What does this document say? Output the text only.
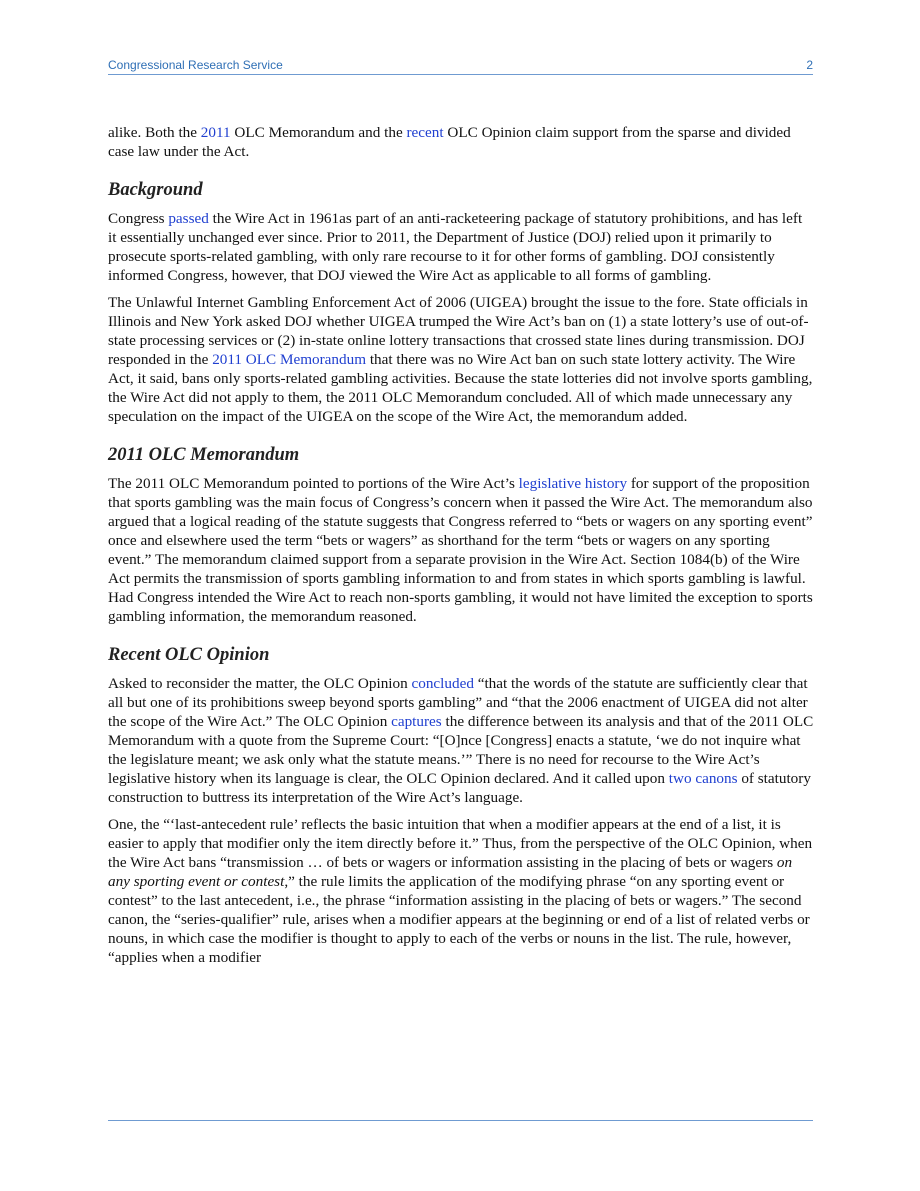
Congressional Research Service	2

alike. Both the 2011 OLC Memorandum and the recent OLC Opinion claim support from the sparse and divided case law under the Act.

Background

Congress passed the Wire Act in 1961as part of an anti-racketeering package of statutory prohibitions, and has left it essentially unchanged ever since. Prior to 2011, the Department of Justice (DOJ) relied upon it primarily to prosecute sports-related gambling, with only rare recourse to it for other forms of gambling. DOJ consistently informed Congress, however, that DOJ viewed the Wire Act as applicable to all forms of gambling.

The Unlawful Internet Gambling Enforcement Act of 2006 (UIGEA) brought the issue to the fore. State officials in Illinois and New York asked DOJ whether UIGEA trumped the Wire Act’s ban on (1) a state lottery’s use of out-of-state processing services or (2) in-state online lottery transactions that crossed state lines during transmission. DOJ responded in the 2011 OLC Memorandum that there was no Wire Act ban on such state lottery activity. The Wire Act, it said, bans only sports-related gambling activities. Because the state lotteries did not involve sports gambling, the Wire Act did not apply to them, the 2011 OLC Memorandum concluded. All of which made unnecessary any speculation on the impact of the UIGEA on the scope of the Wire Act, the memorandum added.

2011 OLC Memorandum

The 2011 OLC Memorandum pointed to portions of the Wire Act’s legislative history for support of the proposition that sports gambling was the main focus of Congress’s concern when it passed the Wire Act. The memorandum also argued that a logical reading of the statute suggests that Congress referred to “bets or wagers on any sporting event” once and elsewhere used the term “bets or wagers” as shorthand for the term “bets or wagers on any sporting event.” The memorandum claimed support from a separate provision in the Wire Act. Section 1084(b) of the Wire Act permits the transmission of sports gambling information to and from states in which sports gambling is lawful. Had Congress intended the Wire Act to reach non-sports gambling, it would not have limited the exception to sports gambling information, the memorandum reasoned.

Recent OLC Opinion

Asked to reconsider the matter, the OLC Opinion concluded “that the words of the statute are sufficiently clear that all but one of its prohibitions sweep beyond sports gambling” and “that the 2006 enactment of UIGEA did not alter the scope of the Wire Act.” The OLC Opinion captures the difference between its analysis and that of the 2011 OLC Memorandum with a quote from the Supreme Court: “[O]nce [Congress] enacts a statute, ‘we do not inquire what the legislature meant; we ask only what the statute means.’” There is no need for recourse to the Wire Act’s legislative history when its language is clear, the OLC Opinion declared. And it called upon two canons of statutory construction to buttress its interpretation of the Wire Act’s language.

One, the “‘last-antecedent rule’ reflects the basic intuition that when a modifier appears at the end of a list, it is easier to apply that modifier only the item directly before it.” Thus, from the perspective of the OLC Opinion, when the Wire Act bans “transmission … of bets or wagers or information assisting in the placing of bets or wagers on any sporting event or contest,” the rule limits the application of the modifying phrase “on any sporting event or contest” to the last antecedent, i.e., the phrase “information assisting in the placing of bets or wagers.” The second canon, the “series-qualifier” rule, arises when a modifier appears at the beginning or end of a list of related verbs or nouns, in which case the modifier is thought to apply to each of the verbs or nouns in the list. The rule, however, “applies when a modifier
